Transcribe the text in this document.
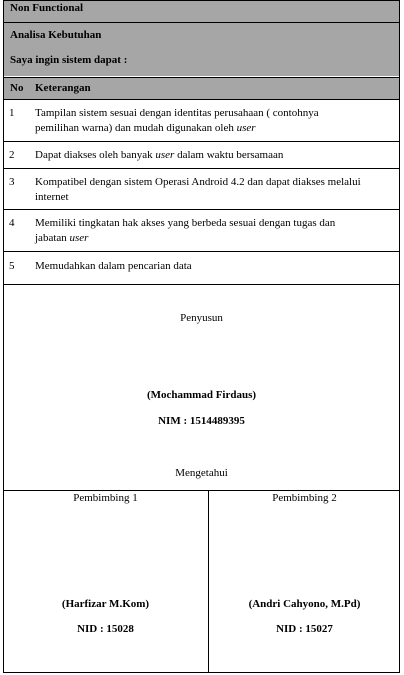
Non Functional
Analisa Kebutuhan
Saya ingin sistem dapat :
No Keterangan
1 Tampilan sistem sesuai dengan identitas perusahaan ( contohnya
pemilihan warna) dan mudah digunakan oleh user
2 Dapat diakses oleh banyak user dalam waktu bersamaan
3 Kompatibel dengan sistem Operasi Android 4.2 dan dapat diakses melalui
internet
4 Memiliki tingkatan hak akses yang berbeda sesuai dengan tugas dan
jabatan user
5 Memudahkan dalam pencarian data
Penyusun
(Mochammad Firdaus)
NIM : 1514489395
Mengetahui
Pembimbing 1
(Harfizar M.Kom)
NID : 15028
Pembimbing 2
(Andri Cahyono, M.Pd)
NID : 15027
